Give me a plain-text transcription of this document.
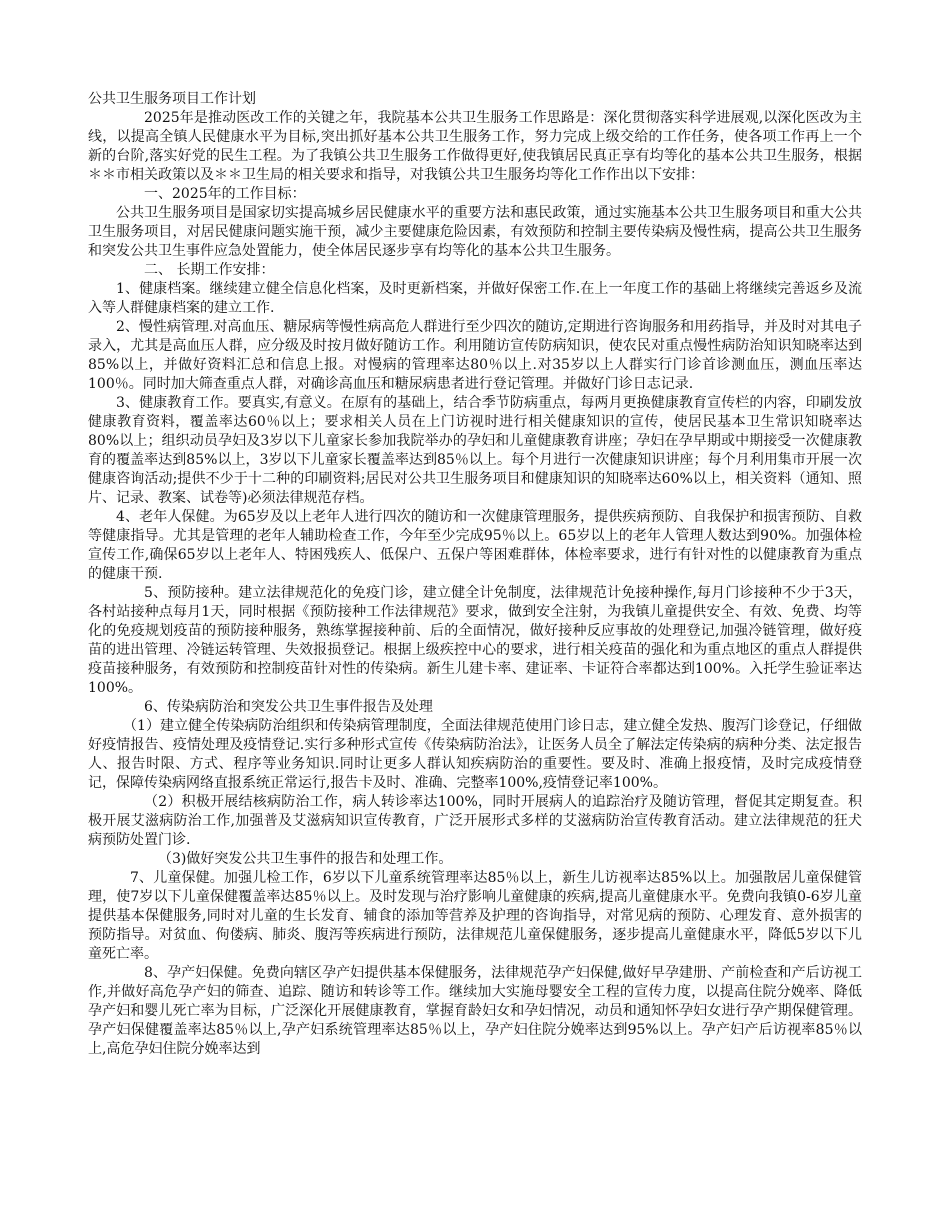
公共卫生服务项目工作计划

2025年是推动医改工作的关键之年，我院基本公共卫生服务工作思路是：深化贯彻落实科学进展观,以深化医改为主线，以提高全镇人民健康水平为目标,突出抓好基本公共卫生服务工作，努力完成上级交给的工作任务，使各项工作再上一个新的台阶,落实好党的民生工程。为了我镇公共卫生服务工作做得更好,使我镇居民真正享有均等化的基本公共卫生服务，根据＊＊市相关政策以及＊＊卫生局的相关要求和指导，对我镇公共卫生服务均等化工作作出以下安排：

一、2025年的工作目标：

公共卫生服务项目是国家切实提高城乡居民健康水平的重要方法和惠民政策，通过实施基本公共卫生服务项目和重大公共卫生服务项目，对居民健康问题实施干预，减少主要健康危险因素，有效预防和控制主要传染病及慢性病，提高公共卫生服务和突发公共卫生事件应急处置能力，使全体居民逐步享有均等化的基本公共卫生服务。

二、 长期工作安排：

1、健康档案。继续建立健全信息化档案，及时更新档案，并做好保密工作.在上一年度工作的基础上将继续完善返乡及流入等人群健康档案的建立工作.

2、慢性病管理.对高血压、糖尿病等慢性病高危人群进行至少四次的随访,定期进行咨询服务和用药指导，并及时对其电子录入，尤其是高血压人群，应分级及时按月做好随访工作。利用随访宣传防病知识，使农民对重点慢性病防治知识知晓率达到85%以上，并做好资料汇总和信息上报。对慢病的管理率达80％以上.对35岁以上人群实行门诊首诊测血压，测血压率达100％。同时加大筛查重点人群，对确诊高血压和糖尿病患者进行登记管理。并做好门诊日志记录.

3、健康教育工作。要真实,有意义。在原有的基础上，结合季节防病重点，每两月更换健康教育宣传栏的内容，印刷发放健康教育资料，覆盖率达60％以上；要求相关人员在上门访视时进行相关健康知识的宣传，使居民基本卫生常识知晓率达80%以上；组织动员孕妇及3岁以下儿童家长参加我院举办的孕妇和儿童健康教育讲座；孕妇在孕早期或中期接受一次健康教育的覆盖率达到85%以上，3岁以下儿童家长覆盖率达到85％以上。每个月进行一次健康知识讲座；每个月利用集市开展一次健康咨询活动;提供不少于十二种的印刷资料;居民对公共卫生服务项目和健康知识的知晓率达60%以上，相关资料（通知、照片、记录、教案、试卷等)必须法律规范存档。

4、老年人保健。为65岁及以上老年人进行四次的随访和一次健康管理服务，提供疾病预防、自我保护和损害预防、自救　等健康指导。尤其是管理的老年人辅助检查工作，今年至少完成95％以上。65岁以上的老年人管理人数达到90%。加强体检宣传工作,确保65岁以上老年人、特困残疾人、低保户、五保户等困难群体，体检率要求，进行有针对性的以健康教育为重点的健康干预.

5、预防接种。建立法律规范化的免疫门诊，建立健全计免制度，法律规范计免接种操作,每月门诊接种不少于3天，各村站接种点每月1天，同时根据《预防接种工作法律规范》要求，做到安全注射，为我镇儿童提供安全、有效、免费、均等化的免疫规划疫苗的预防接种服务，熟练掌握接种前、后的全面情况，做好接种反应事故的处理登记,加强冷链管理，做好疫苗的进出管理、冷链运转管理、失效报损登记。根据上级疾控中心的要求，进行相关疫苗的强化和为重点地区的重点人群提供疫苗接种服务，有效预防和控制疫苗针对性的传染病。新生儿建卡率、建证率、卡证符合率都达到100%。入托学生验证率达100%。

6、传染病防治和突发公共卫生事件报告及处理

（1）建立健全传染病防治组织和传染病管理制度，全面法律规范使用门诊日志，建立健全发热、腹泻门诊登记，仔细做好疫情报告、疫情处理及疫情登记.实行多种形式宣传《传染病防治法》，让医务人员全了解法定传染病的病种分类、法定报告人、报告时限、方式、程序等业务知识.同时让更多人群认知疾病防治的重要性。要及时、准确上报疫情，及时完成疫情登记，保障传染病网络直报系统正常运行,报告卡及时、准确、完整率100%,疫情登记率100%。

（2）积极开展结核病防治工作，病人转诊率达100%，同时开展病人的追踪治疗及随访管理，督促其定期复查。积极开展艾滋病防治工作,加强普及艾滋病知识宣传教育，广泛开展形式多样的艾滋病防治宣传教育活动。建立法律规范的狂犬病预防处置门诊.

（3)做好突发公共卫生事件的报告和处理工作。

7、儿童保健。加强儿检工作，6岁以下儿童系统管理率达85％以上，新生儿访视率达85%以上。加强散居儿童保健管理，使7岁以下儿童保健覆盖率达85％以上。及时发现与治疗影响儿童健康的疾病,提高儿童健康水平。免费向我镇0-6岁儿童提供基本保健服务,同时对儿童的生长发育、辅食的添加等营养及护理的咨询指导，对常见病的预防、心理发育、意外损害的预防指导。对贫血、佝偻病、肺炎、腹泻等疾病进行预防，法律规范儿童保健服务，逐步提高儿童健康水平，降低5岁以下儿童死亡率。

8、孕产妇保健。免费向辖区孕产妇提供基本保健服务，法律规范孕产妇保健,做好早孕建册、产前检查和产后访视工作,并做好高危孕产妇的筛查、追踪、随访和转诊等工作。继续加大实施母婴安全工程的宣传力度，以提高住院分娩率、降低孕产妇和婴儿死亡率为目标，广泛深化开展健康教育，掌握育龄妇女和孕妇情况，动员和通知怀孕妇女进行孕产期保健管理。孕产妇保健覆盖率达85％以上,孕产妇系统管理率达85％以上，孕产妇住院分娩率达到95%以上。孕产妇产后访视率85％以上,高危孕妇住院分娩率达到
